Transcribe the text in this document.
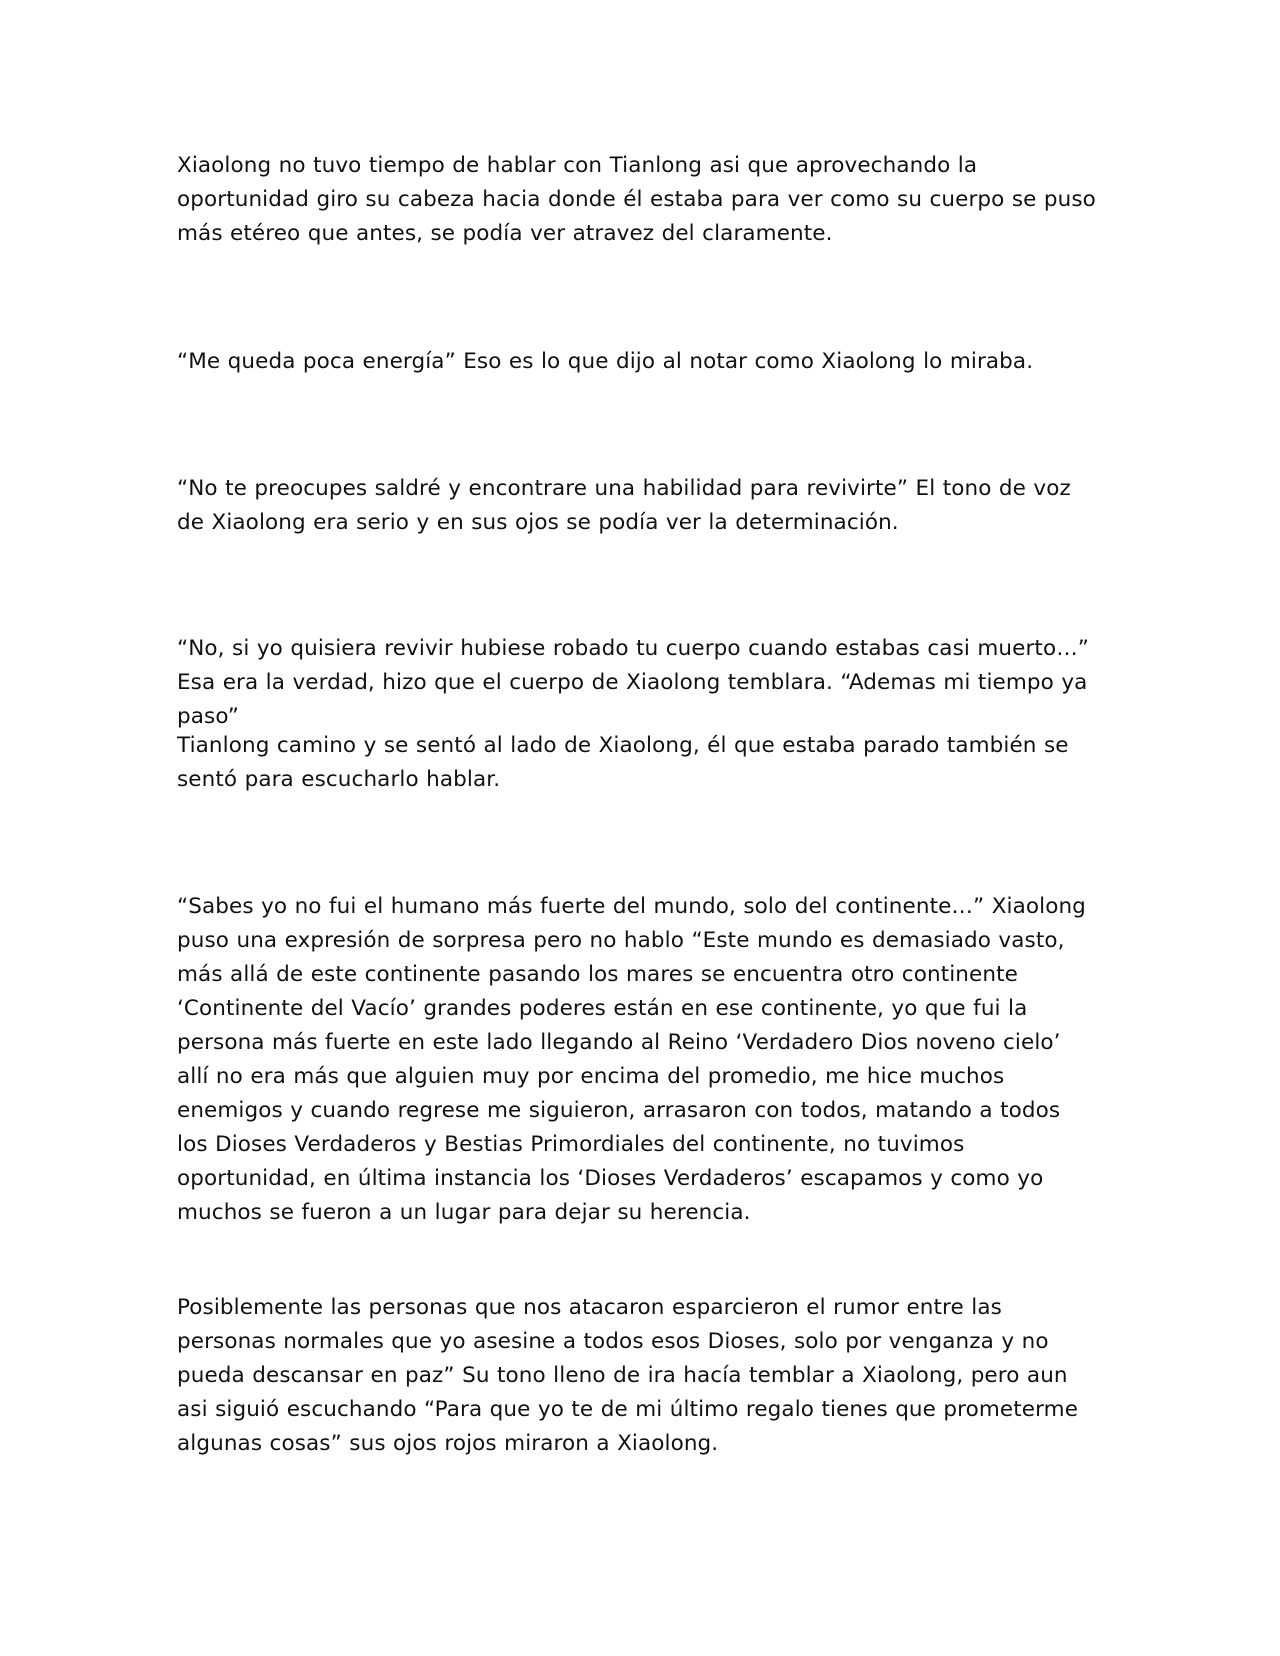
Xiaolong no tuvo tiempo de hablar con Tianlong asi que aprovechando la oportunidad giro su cabeza hacia donde él estaba para ver como su cuerpo se puso más etéreo que antes, se podía ver atravez del claramente.

“Me queda poca energía” Eso es lo que dijo al notar como Xiaolong lo miraba.

“No te preocupes saldré y encontrare una habilidad para revivirte” El tono de voz de Xiaolong era serio y en sus ojos se podía ver la determinación.

“No, si yo quisiera revivir hubiese robado tu cuerpo cuando estabas casi muerto…” Esa era la verdad, hizo que el cuerpo de Xiaolong temblara. “Ademas mi tiempo ya paso”

Tianlong camino y se sentó al lado de Xiaolong, él que estaba parado también se sentó para escucharlo hablar.

“Sabes yo no fui el humano más fuerte del mundo, solo del continente…” Xiaolong puso una expresión de sorpresa pero no hablo “Este mundo es demasiado vasto, más allá de este continente pasando los mares se encuentra otro continente ‘Continente del Vacío’ grandes poderes están en ese continente, yo que fui la persona más fuerte en este lado llegando al Reino ‘Verdadero Dios noveno cielo’ allí no era más que alguien muy por encima del promedio, me hice muchos enemigos y cuando regrese me siguieron, arrasaron con todos, matando a todos los Dioses Verdaderos y Bestias Primordiales del continente, no tuvimos oportunidad, en última instancia los ‘Dioses Verdaderos’ escapamos y como yo muchos se fueron a un lugar para dejar su herencia.

Posiblemente las personas que nos atacaron esparcieron el rumor entre las personas normales que yo asesine a todos esos Dioses, solo por venganza y no pueda descansar en paz” Su tono lleno de ira hacía temblar a Xiaolong, pero aun asi siguió escuchando “Para que yo te de mi último regalo tienes que prometerme algunas cosas” sus ojos rojos miraron a Xiaolong.
